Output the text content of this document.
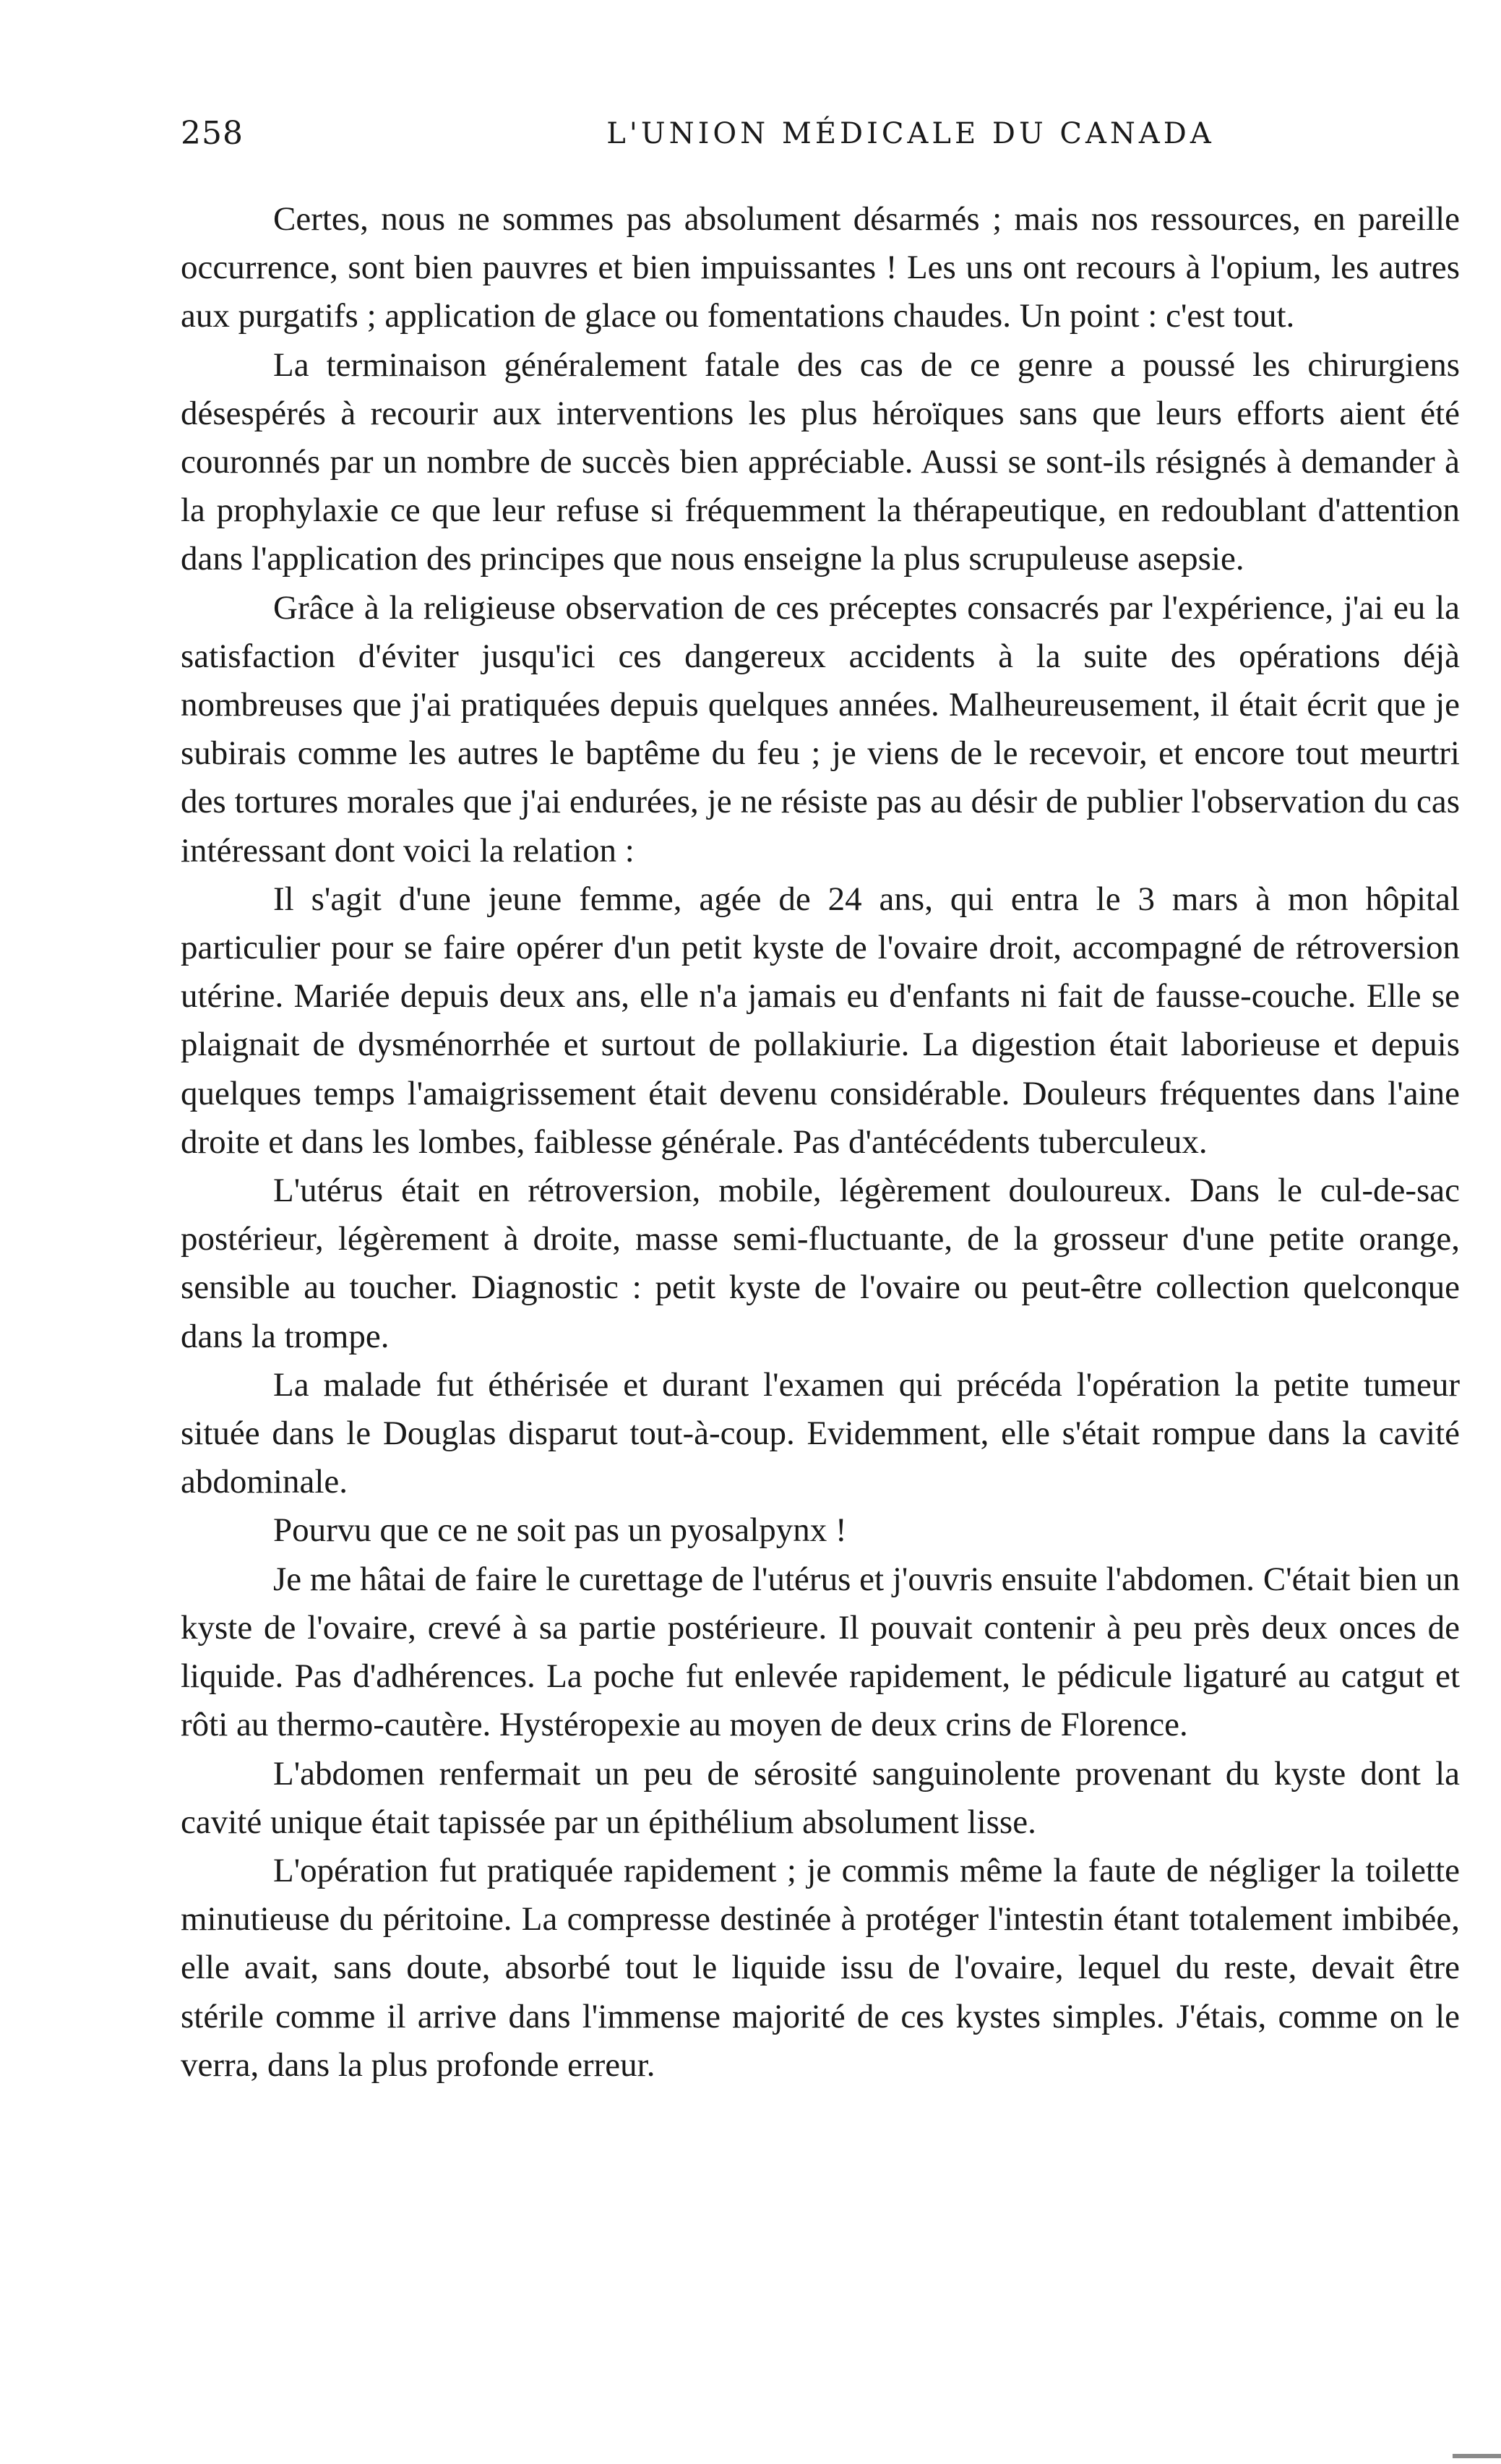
258	L'UNION MÉDICALE DU CANADA

Certes, nous ne sommes pas absolument désarmés ; mais nos ressources, en pareille occurrence, sont bien pauvres et bien impuissantes ! Les uns ont recours à l'opium, les autres aux purgatifs ; application de glace ou fomentations chaudes. Un point : c'est tout.

La terminaison généralement fatale des cas de ce genre a poussé les chirurgiens désespérés à recourir aux interventions les plus héroïques sans que leurs efforts aient été couronnés par un nombre de succès bien appréciable. Aussi se sont-ils résignés à demander à la prophylaxie ce que leur refuse si fréquemment la thérapeutique, en redoublant d'attention dans l'application des principes que nous enseigne la plus scrupuleuse asepsie.

Grâce à la religieuse observation de ces préceptes consacrés par l'expérience, j'ai eu la satisfaction d'éviter jusqu'ici ces dangereux accidents à la suite des opérations déjà nombreuses que j'ai pratiquées depuis quelques années. Malheureusement, il était écrit que je subirais comme les autres le baptême du feu ; je viens de le recevoir, et encore tout meurtri des tortures morales que j'ai endurées, je ne résiste pas au désir de publier l'observation du cas intéressant dont voici la relation :

Il s'agit d'une jeune femme, agée de 24 ans, qui entra le 3 mars à mon hôpital particulier pour se faire opérer d'un petit kyste de l'ovaire droit, accompagné de rétroversion utérine. Mariée depuis deux ans, elle n'a jamais eu d'enfants ni fait de fausse-couche. Elle se plaignait de dysménorrhée et surtout de pollakiurie. La digestion était laborieuse et depuis quelques temps l'amaigrissement était devenu considérable. Douleurs fréquentes dans l'aine droite et dans les lombes, faiblesse générale. Pas d'antécédents tuberculeux.

L'utérus était en rétroversion, mobile, légèrement douloureux. Dans le cul-de-sac postérieur, légèrement à droite, masse semi-fluctuante, de la grosseur d'une petite orange, sensible au toucher. Diagnostic : petit kyste de l'ovaire ou peut-être collection quelconque dans la trompe.

La malade fut éthérisée et durant l'examen qui précéda l'opération la petite tumeur située dans le Douglas disparut tout-à-coup. Evidemment, elle s'était rompue dans la cavité abdominale.

Pourvu que ce ne soit pas un pyosalpynx !

Je me hâtai de faire le curettage de l'utérus et j'ouvris ensuite l'abdomen. C'était bien un kyste de l'ovaire, crevé à sa partie postérieure. Il pouvait contenir à peu près deux onces de liquide. Pas d'adhérences. La poche fut enlevée rapidement, le pédicule ligaturé au catgut et rôti au thermo-cautère. Hystéropexie au moyen de deux crins de Florence.

L'abdomen renfermait un peu de sérosité sanguinolente provenant du kyste dont la cavité unique était tapissée par un épithélium absolument lisse.

L'opération fut pratiquée rapidement ; je commis même la faute de négliger la toilette minutieuse du péritoine. La compresse destinée à protéger l'intestin étant totalement imbibée, elle avait, sans doute, absorbé tout le liquide issu de l'ovaire, lequel du reste, devait être stérile comme il arrive dans l'immense majorité de ces kystes simples. J'étais, comme on le verra, dans la plus profonde erreur.
